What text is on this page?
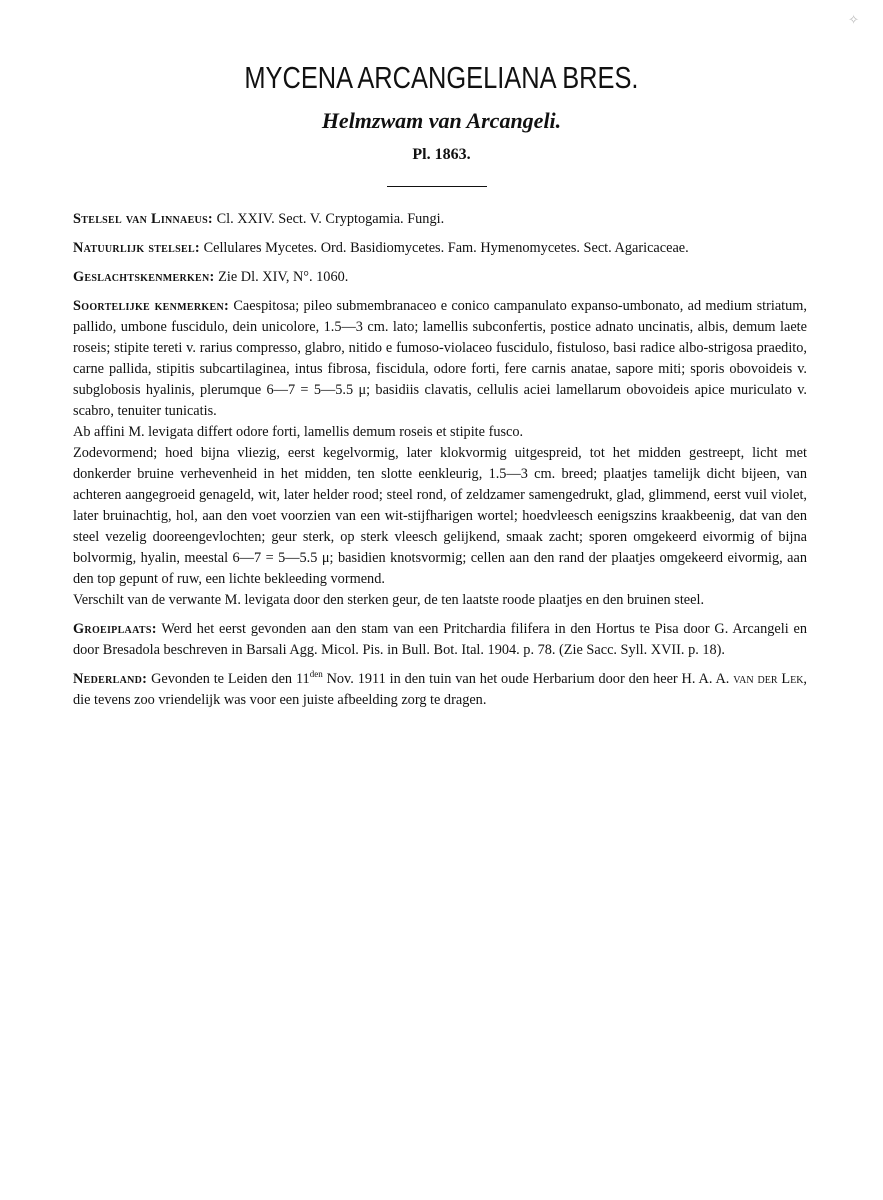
✧
MYCENA ARCANGELIANA BRES.
Helmzwam van Arcangeli.
Pl. 1863.

Stelsel van Linnaeus: Cl. XXIV. Sect. V. Cryptogamia. Fungi.

Natuurlijk stelsel: Cellulares Mycetes. Ord. Basidiomycetes. Fam. Hymenomycetes. Sect. Agaricaceae.

Geslachtskenmerken: Zie Dl. XIV, N°. 1060.

Soortelijke kenmerken: Caespitosa; pileo submembranaceo e conico campanulato expanso-umbonato, ad medium striatum, pallido, umbone fuscidulo, dein unicolore, 1.5—3 cm. lato; lamellis subconfertis, postice adnato uncinatis, albis, demum laete roseis; stipite tereti v. rarius compresso, glabro, nitido e fumoso-violaceo fuscidulo, fistuloso, basi radice albo-strigosa praedito, carne pallida, stipitis subcartilaginea, intus fibrosa, fiscidula, odore forti, fere carnis anatae, sapore miti; sporis obovoideis v. subglobosis hyalinis, plerumque 6—7 = 5—5.5 μ; basidiis clavatis, cellulis aciei lamellarum obovoideis apice muriculato v. scabro, tenuiter tunicatis.

Ab affini M. levigata differt odore forti, lamellis demum roseis et stipite fusco.

Zodevormend; hoed bijna vliezig, eerst kegelvormig, later klokvormig uitgespreid, tot het midden gestreept, licht met donkerder bruine verhevenheid in het midden, ten slotte eenkleurig, 1.5—3 cm. breed; plaatjes tamelijk dicht bijeen, van achteren aangegroeid genageld, wit, later helder rood; steel rond, of zeldzamer samengedrukt, glad, glimmend, eerst vuil violet, later bruinachtig, hol, aan den voet voorzien van een wit-stijfharigen wortel; hoedvleesch eenigszins kraakbeenig, dat van den steel vezelig dooreengevlochten; geur sterk, op sterk vleesch gelijkend, smaak zacht; sporen omgekeerd eivormig of bijna bolvormig, hyalin, meestal 6—7 = 5—5.5 μ; basidien knotsvormig; cellen aan den rand der plaatjes omgekeerd eivormig, aan den top gepunt of ruw, een lichte bekleeding vormend.

Verschilt van de verwante M. levigata door den sterken geur, de ten laatste roode plaatjes en den bruinen steel.

Groeiplaats: Werd het eerst gevonden aan den stam van een Pritchardia filifera in den Hortus te Pisa door G. Arcangeli en door Bresadola beschreven in Barsali Agg. Micol. Pis. in Bull. Bot. Ital. 1904. p. 78. (Zie Sacc. Syll. XVII. p. 18).

Nederland: Gevonden te Leiden den $11^{den}$ Nov. 1911 in den tuin van het oude Herbarium door den heer H. A. A. van der Lek, die tevens zoo vriendelijk was voor een juiste afbeelding zorg te dragen.
